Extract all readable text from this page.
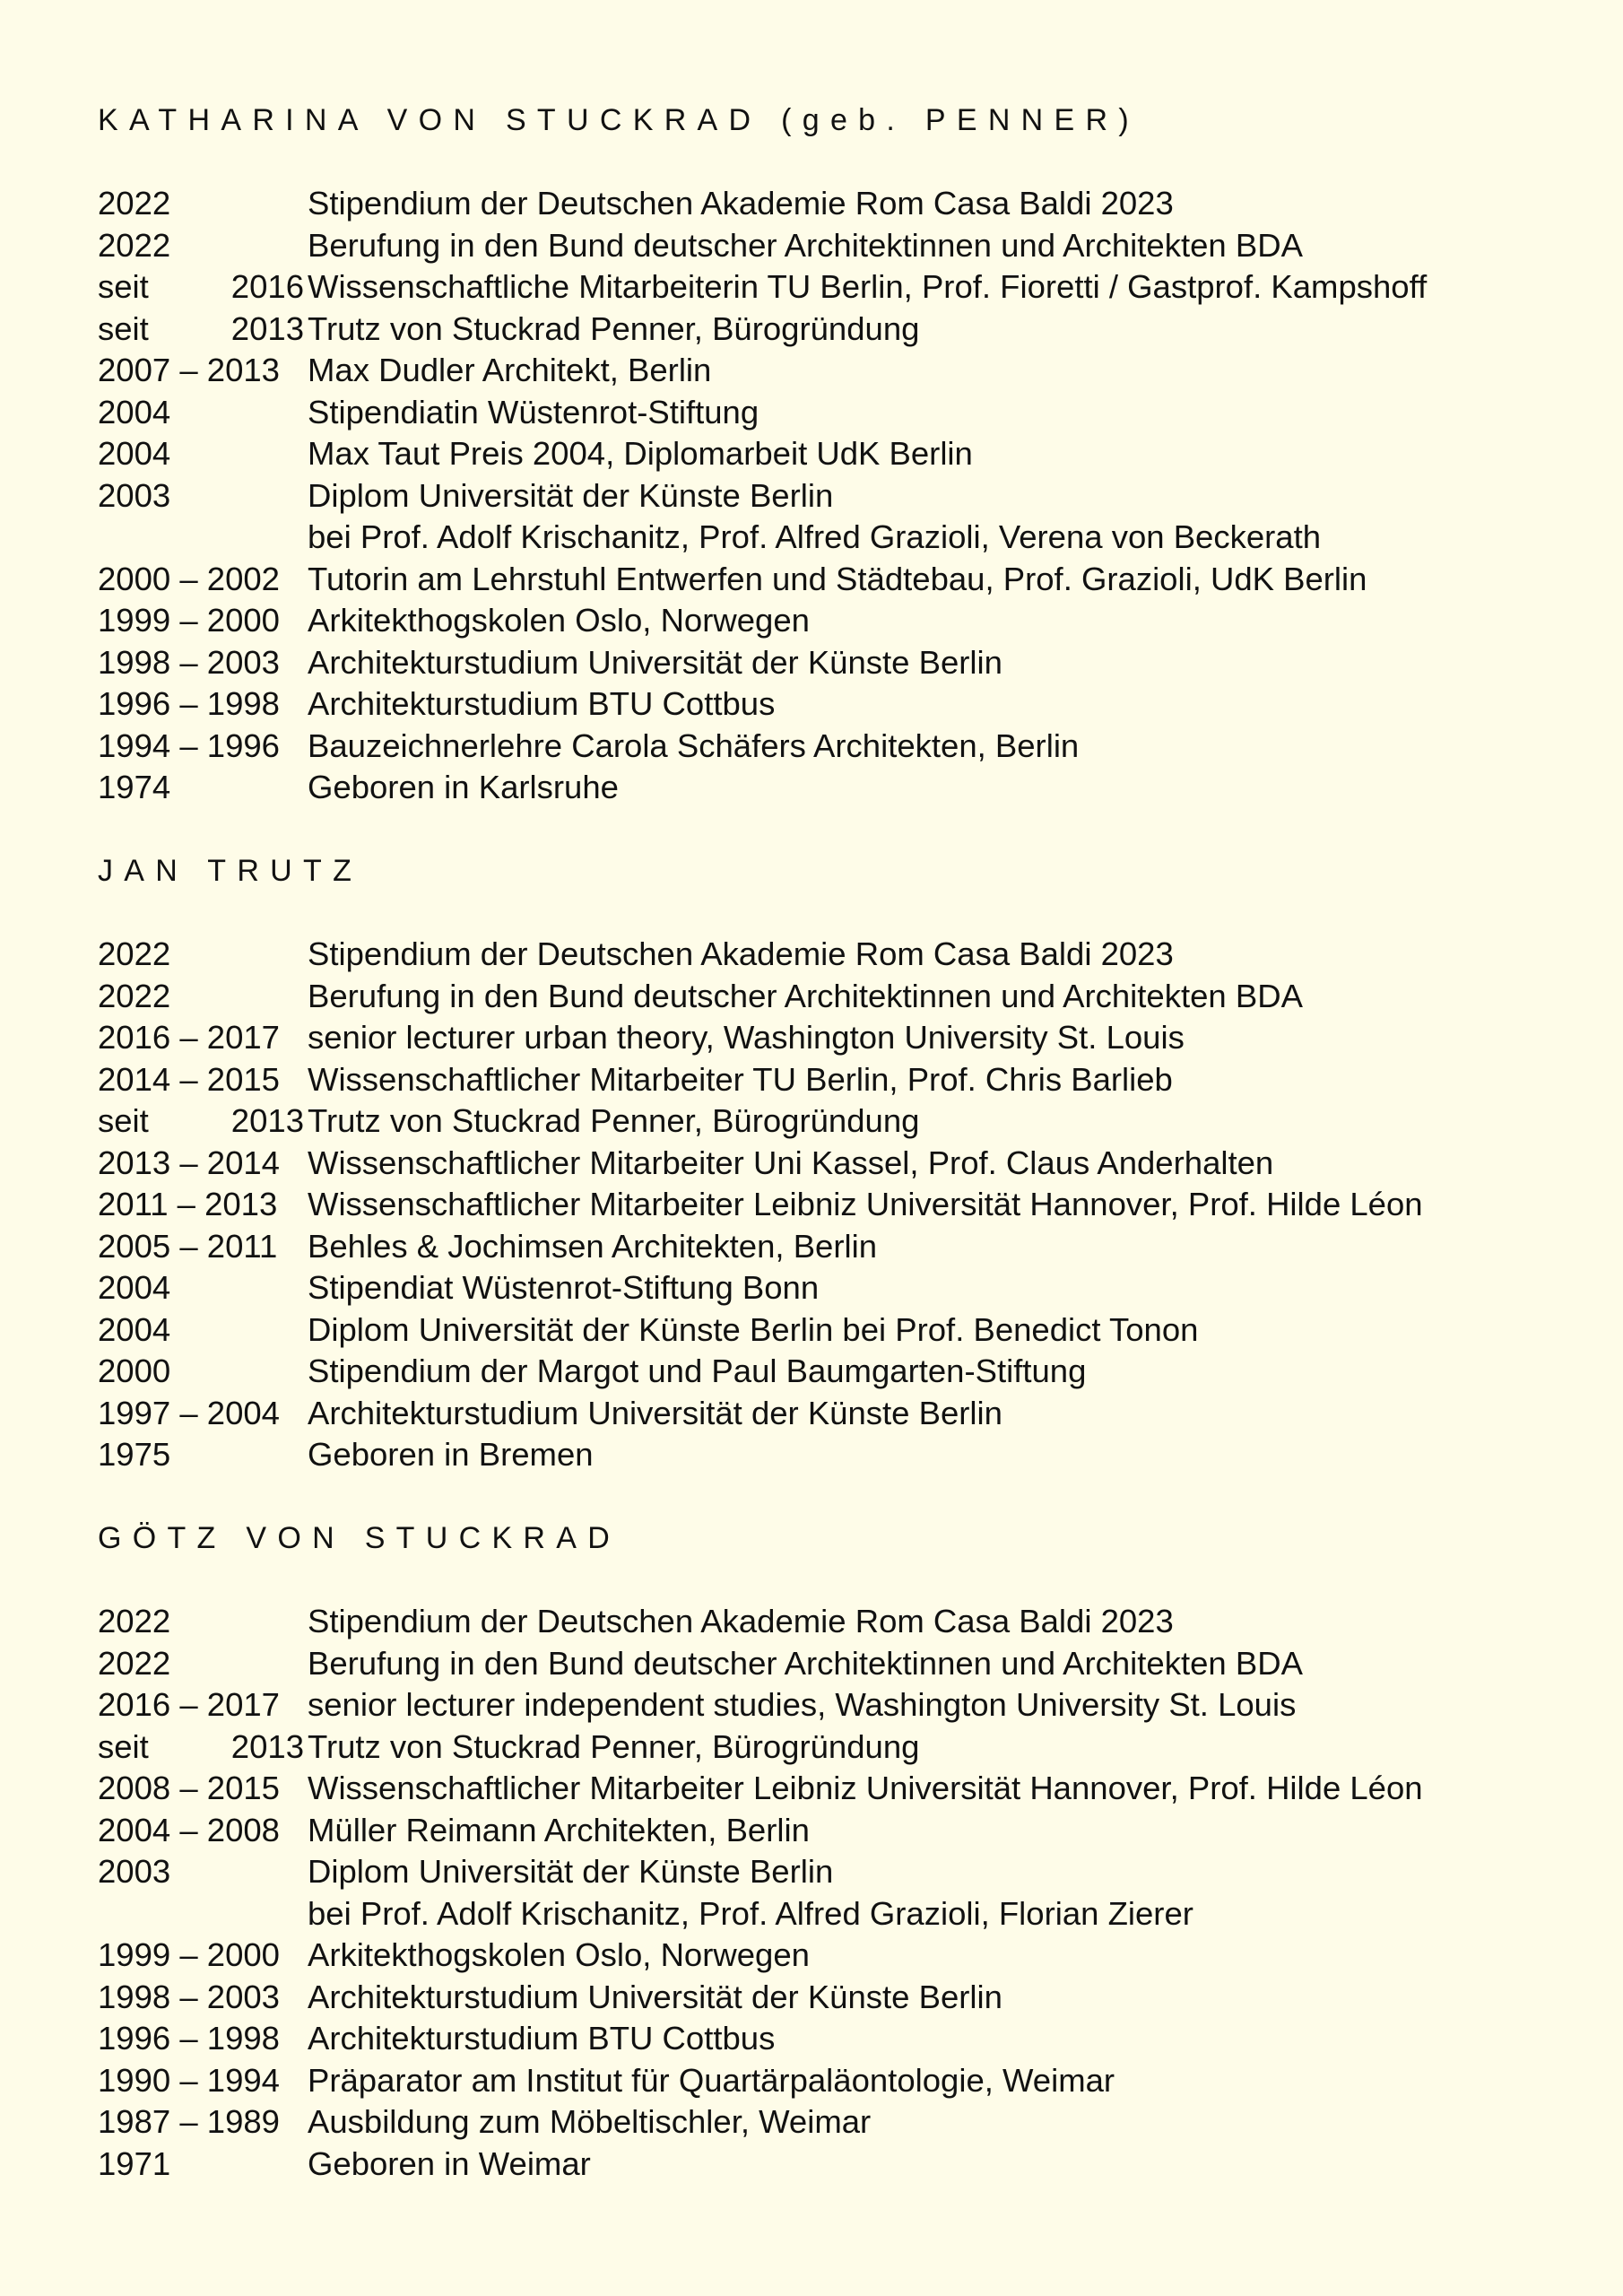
KATHARINA VON STUCKRAD (geb. PENNER)
2022	Stipendium der Deutschen Akademie Rom Casa Baldi 2023
2022	Berufung in den Bund deutscher Architektinnen und Architekten BDA
seit	2016 Wissenschaftliche Mitarbeiterin TU Berlin, Prof. Fioretti / Gastprof. Kampshoff
seit	2013 Trutz von Stuckrad Penner, Bürogründung
2007 – 2013 Max Dudler Architekt, Berlin
2004	Stipendiatin Wüstenrot-Stiftung
2004	Max Taut Preis 2004, Diplomarbeit UdK Berlin
2003	Diplom Universität der Künste Berlin
bei Prof. Adolf Krischanitz, Prof. Alfred Grazioli, Verena von Beckerath
2000 – 2002 Tutorin am Lehrstuhl Entwerfen und Städtebau, Prof. Grazioli, UdK Berlin
1999 – 2000 Arkitekthogskolen Oslo, Norwegen
1998 – 2003 Architekturstudium Universität der Künste Berlin
1996 – 1998 Architekturstudium BTU Cottbus
1994 – 1996 Bauzeichnerlehre Carola Schäfers Architekten, Berlin
1974	Geboren in Karlsruhe
JAN TRUTZ
2022	Stipendium der Deutschen Akademie Rom Casa Baldi 2023
2022	Berufung in den Bund deutscher Architektinnen und Architekten BDA
2016 – 2017 senior lecturer urban theory, Washington University St. Louis
2014 – 2015 Wissenschaftlicher Mitarbeiter TU Berlin, Prof. Chris Barlieb
seit	2013 Trutz von Stuckrad Penner, Bürogründung
2013 – 2014 Wissenschaftlicher Mitarbeiter Uni Kassel, Prof. Claus Anderhalten
2011 – 2013 Wissenschaftlicher Mitarbeiter Leibniz Universität Hannover, Prof. Hilde Léon
2005 – 2011 Behles & Jochimsen Architekten, Berlin
2004	Stipendiat Wüstenrot-Stiftung Bonn
2004	Diplom Universität der Künste Berlin bei Prof. Benedict Tonon
2000	Stipendium der Margot und Paul Baumgarten-Stiftung
1997 – 2004 Architekturstudium Universität der Künste Berlin
1975	Geboren in Bremen
GÖTZ VON STUCKRAD
2022	Stipendium der Deutschen Akademie Rom Casa Baldi 2023
2022	Berufung in den Bund deutscher Architektinnen und Architekten BDA
2016 – 2017 senior lecturer independent studies, Washington University St. Louis
seit	2013 Trutz von Stuckrad Penner, Bürogründung
2008 – 2015 Wissenschaftlicher Mitarbeiter Leibniz Universität Hannover, Prof. Hilde Léon
2004 – 2008 Müller Reimann Architekten, Berlin
2003	Diplom Universität der Künste Berlin
bei Prof. Adolf Krischanitz, Prof. Alfred Grazioli, Florian Zierer
1999 – 2000 Arkitekthogskolen Oslo, Norwegen
1998 – 2003 Architekturstudium Universität der Künste Berlin
1996 – 1998 Architekturstudium BTU Cottbus
1990 – 1994 Präparator am Institut für Quartärpaläontologie, Weimar
1987 – 1989 Ausbildung zum Möbeltischler, Weimar
1971	Geboren in Weimar
